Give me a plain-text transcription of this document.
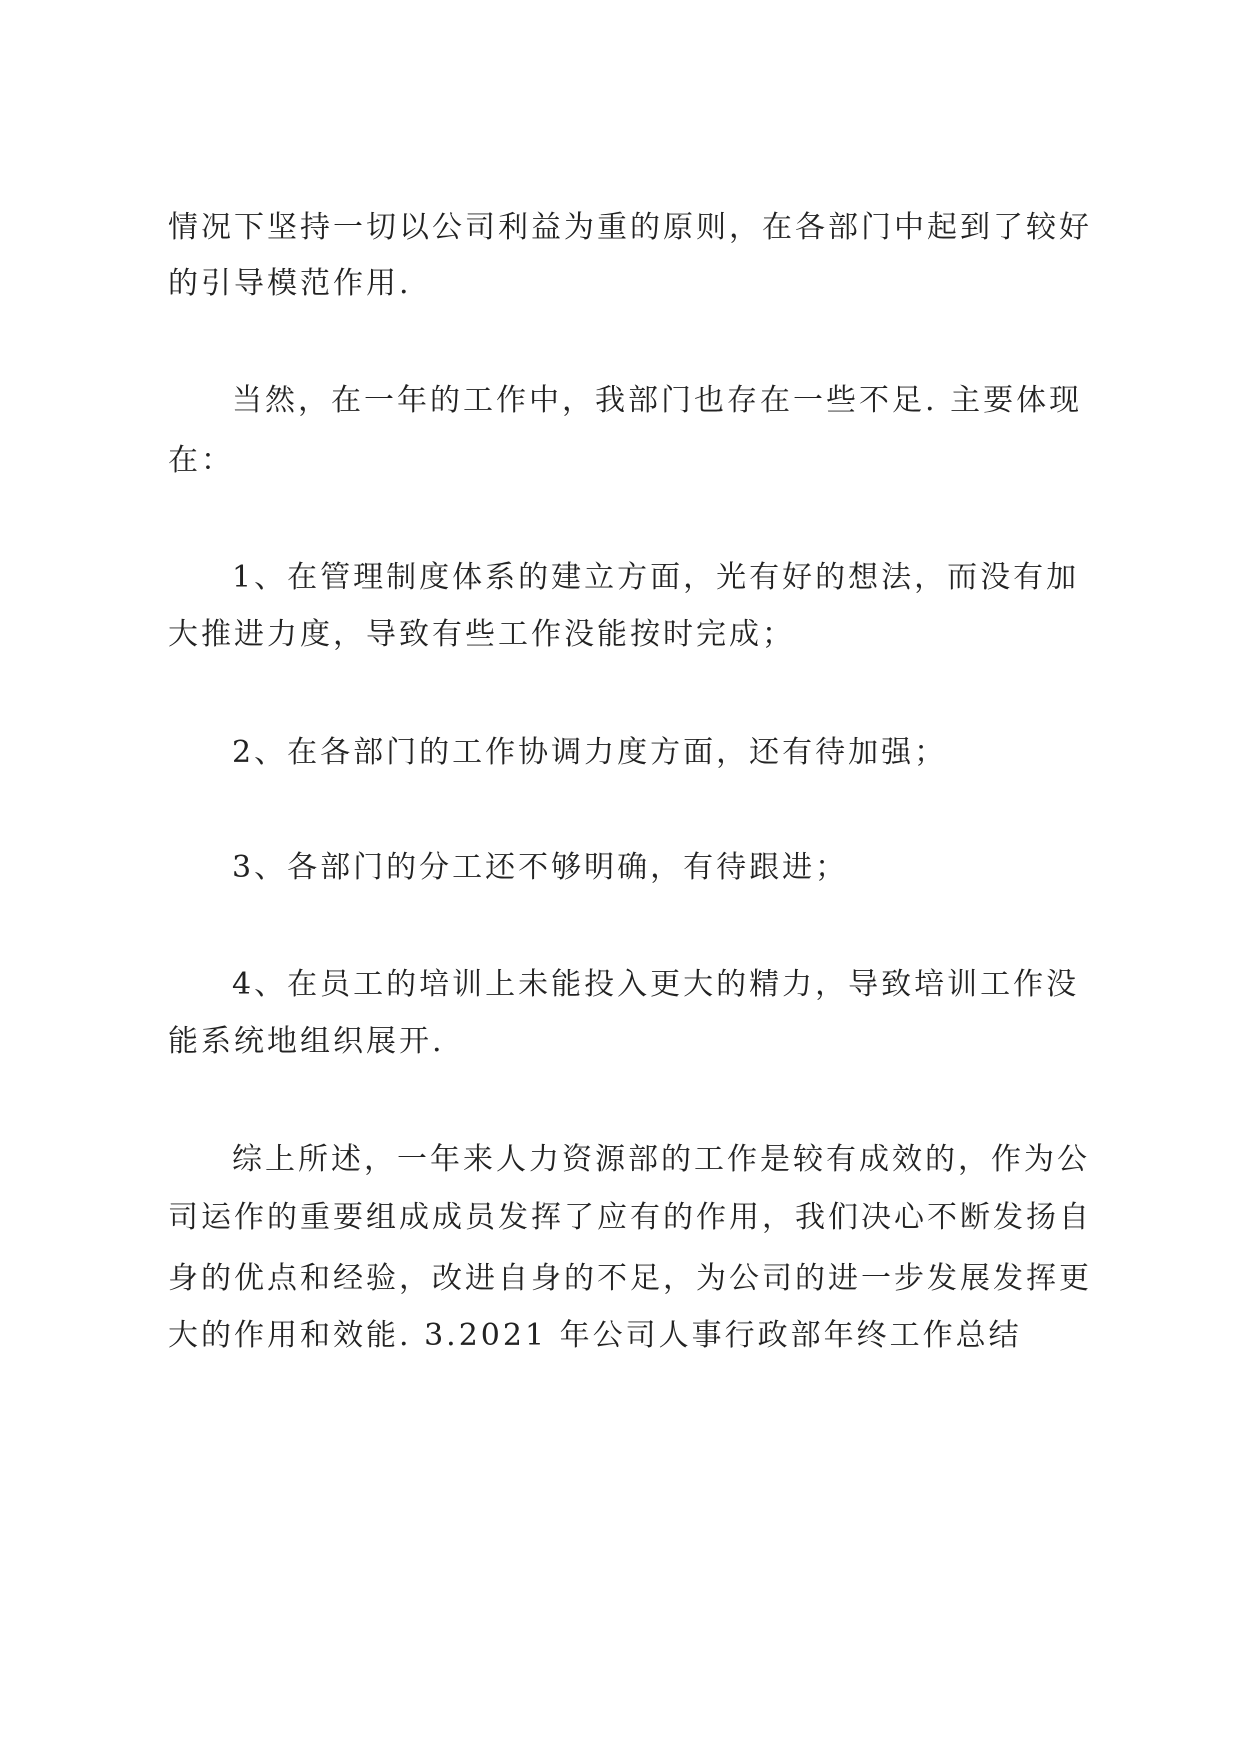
情况下坚持一切以公司利益为重的原则，在各部门中起到了较好
的引导模范作用.
当然，在一年的工作中，我部门也存在一些不足. 主要体现
在：
1、在管理制度体系的建立方面，光有好的想法，而没有加
大推进力度，导致有些工作没能按时完成；
2、在各部门的工作协调力度方面，还有待加强；
3、各部门的分工还不够明确，有待跟进；
4、在员工的培训上未能投入更大的精力，导致培训工作没
能系统地组织展开.
综上所述，一年来人力资源部的工作是较有成效的，作为公
司运作的重要组成成员发挥了应有的作用，我们决心不断发扬自
身的优点和经验，改进自身的不足，为公司的进一步发展发挥更
大的作用和效能. 3.2021 年公司人事行政部年终工作总结
